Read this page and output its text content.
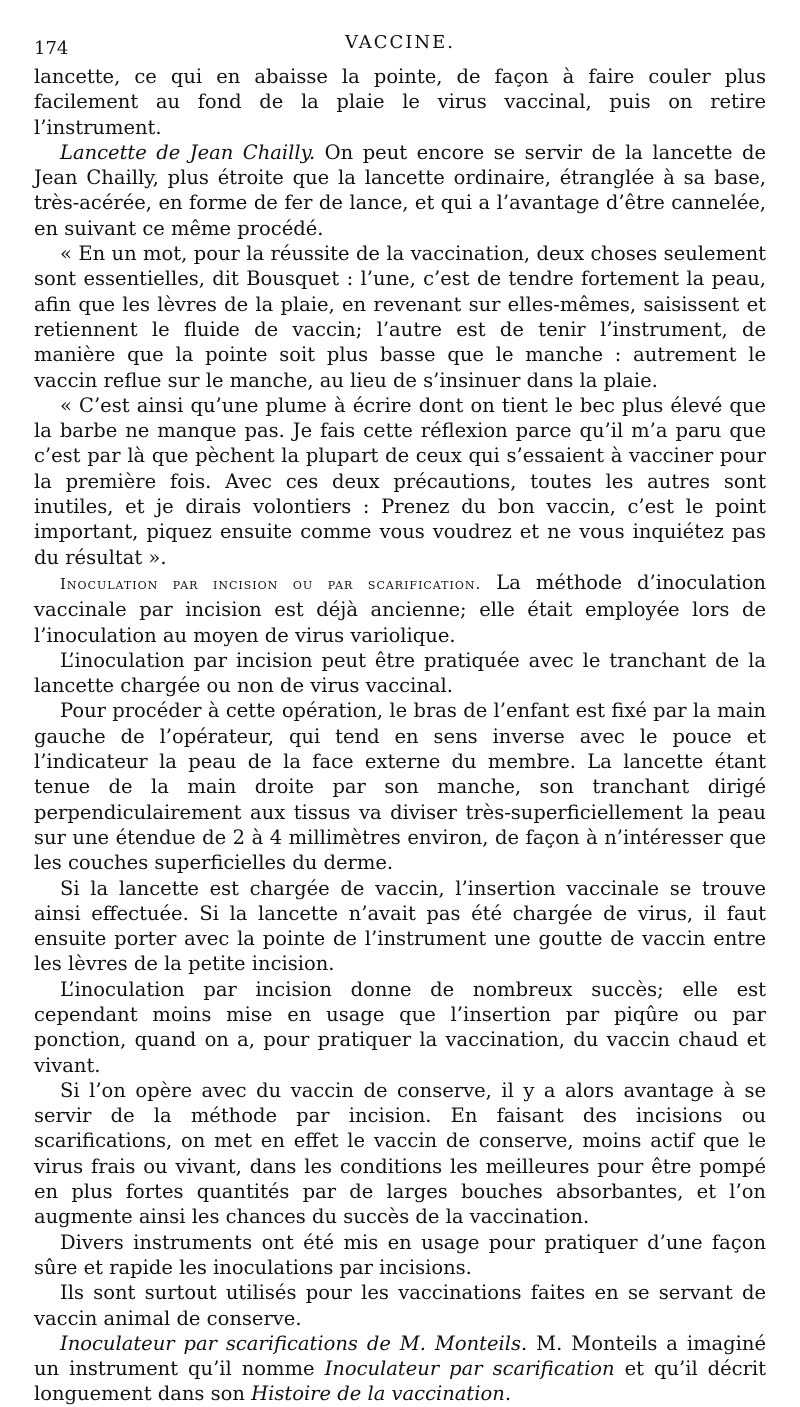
174	VACCINE.

lancette, ce qui en abaisse la pointe, de façon à faire couler plus facilement au fond de la plaie le virus vaccinal, puis on retire l’instrument.

Lancette de Jean Chailly. On peut encore se servir de la lancette de Jean Chailly, plus étroite que la lancette ordinaire, étranglée à sa base, très-acérée, en forme de fer de lance, et qui a l’avantage d’être cannelée, en suivant ce même procédé.

« En un mot, pour la réussite de la vaccination, deux choses seulement sont essentielles, dit Bousquet : l’une, c’est de tendre fortement la peau, afin que les lèvres de la plaie, en revenant sur elles-mêmes, saisissent et retiennent le fluide de vaccin; l’autre est de tenir l’instrument, de manière que la pointe soit plus basse que le manche : autrement le vaccin reflue sur le manche, au lieu de s’insinuer dans la plaie.

« C’est ainsi qu’une plume à écrire dont on tient le bec plus élevé que la barbe ne manque pas. Je fais cette réflexion parce qu’il m’a paru que c’est par là que pèchent la plupart de ceux qui s’essaient à vacciner pour la première fois. Avec ces deux précautions, toutes les autres sont inutiles, et je dirais volontiers : Prenez du bon vaccin, c’est le point important, piquez ensuite comme vous voudrez et ne vous inquiétez pas du résultat ».

Inoculation par incision ou par scarification. La méthode d’inoculation vaccinale par incision est déjà ancienne; elle était employée lors de l’inoculation au moyen de virus variolique.

L’inoculation par incision peut être pratiquée avec le tranchant de la lancette chargée ou non de virus vaccinal.

Pour procéder à cette opération, le bras de l’enfant est fixé par la main gauche de l’opérateur, qui tend en sens inverse avec le pouce et l’indicateur la peau de la face externe du membre. La lancette étant tenue de la main droite par son manche, son tranchant dirigé perpendiculairement aux tissus va diviser très-superficiellement la peau sur une étendue de 2 à 4 millimètres environ, de façon à n’intéresser que les couches superficielles du derme.

Si la lancette est chargée de vaccin, l’insertion vaccinale se trouve ainsi effectuée. Si la lancette n’avait pas été chargée de virus, il faut ensuite porter avec la pointe de l’instrument une goutte de vaccin entre les lèvres de la petite incision.

L’inoculation par incision donne de nombreux succès; elle est cependant moins mise en usage que l’insertion par piqûre ou par ponction, quand on a, pour pratiquer la vaccination, du vaccin chaud et vivant.

Si l’on opère avec du vaccin de conserve, il y a alors avantage à se servir de la méthode par incision. En faisant des incisions ou scarifications, on met en effet le vaccin de conserve, moins actif que le virus frais ou vivant, dans les conditions les meilleures pour être pompé en plus fortes quantités par de larges bouches absorbantes, et l’on augmente ainsi les chances du succès de la vaccination.

Divers instruments ont été mis en usage pour pratiquer d’une façon sûre et rapide les inoculations par incisions.

Ils sont surtout utilisés pour les vaccinations faites en se servant de vaccin animal de conserve.

Inoculateur par scarifications de M. Monteils. M. Monteils a imaginé un instrument qu’il nomme Inoculateur par scarification et qu’il décrit longuement dans son Histoire de la vaccination.
